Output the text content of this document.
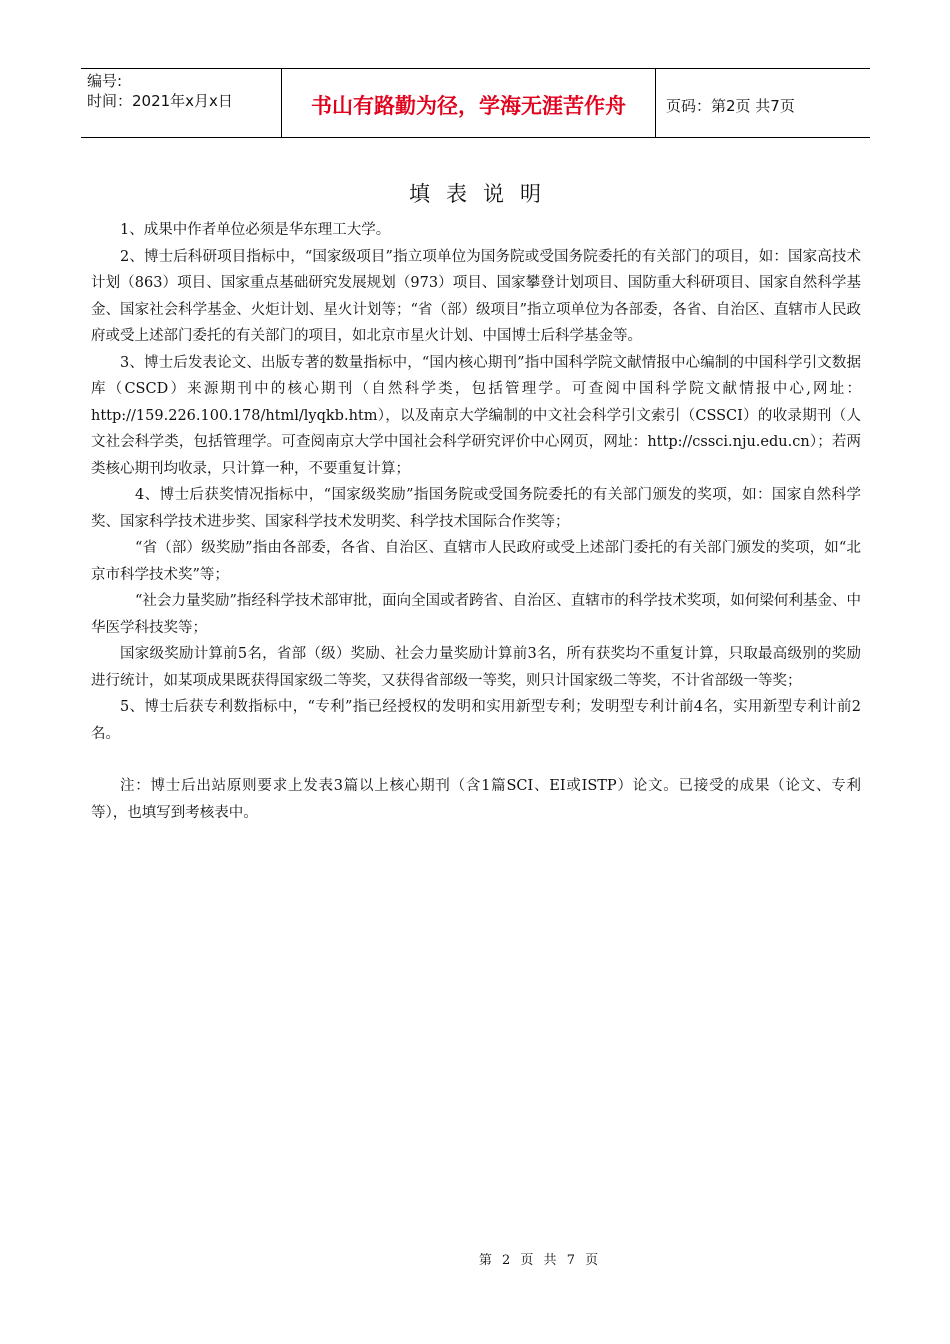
编号:
时间：2021年x月x日	书山有路勤为径，学海无涯苦作舟	页码：第2页 共7页
填表说明

1、成果中作者单位必须是华东理工大学。

2、博士后科研项目指标中，“国家级项目”指立项单位为国务院或受国务院委托的有关部门的项目，如：国家高技术计划（863）项目、国家重点基础研究发展规划（973）项目、国家攀登计划项目、国防重大科研项目、国家自然科学基金、国家社会科学基金、火炬计划、星火计划等；“省（部）级项目”指立项单位为各部委，各省、自治区、直辖市人民政府或受上述部门委托的有关部门的项目，如北京市星火计划、中国博士后科学基金等。

3、博士后发表论文、出版专著的数量指标中，“国内核心期刊”指中国科学院文献情报中心编制的中国科学引文数据库（CSCD）来源期刊中的核心期刊（自然科学类，包括管理学。可查阅中国科学院文献情报中心,网址：http://159.226.100.178/html/lyqkb.htm），以及南京大学编制的中文社会科学引文索引（CSSCI）的收录期刊（人文社会科学类，包括管理学。可查阅南京大学中国社会科学研究评价中心网页，网址：http://cssci.nju.edu.cn）；若两类核心期刊均收录，只计算一种，不要重复计算；

4、博士后获奖情况指标中，“国家级奖励”指国务院或受国务院委托的有关部门颁发的奖项，如：国家自然科学奖、国家科学技术进步奖、国家科学技术发明奖、科学技术国际合作奖等；

“省（部）级奖励”指由各部委，各省、自治区、直辖市人民政府或受上述部门委托的有关部门颁发的奖项，如“北京市科学技术奖”等；

“社会力量奖励”指经科学技术部审批，面向全国或者跨省、自治区、直辖市的科学技术奖项，如何梁何利基金、中华医学科技奖等；

国家级奖励计算前5名，省部（级）奖励、社会力量奖励计算前3名，所有获奖均不重复计算，只取最高级别的奖励进行统计，如某项成果既获得国家级二等奖，又获得省部级一等奖，则只计国家级二等奖，不计省部级一等奖；

5、博士后获专利数指标中，“专利”指已经授权的发明和实用新型专利；发明型专利计前4名，实用新型专利计前2 名。

注：博士后出站原则要求上发表3篇以上核心期刊（含1篇SCI、EI或ISTP）论文。已接受的成果（论文、专利等），也填写到考核表中。

第 2 页 共 7 页
